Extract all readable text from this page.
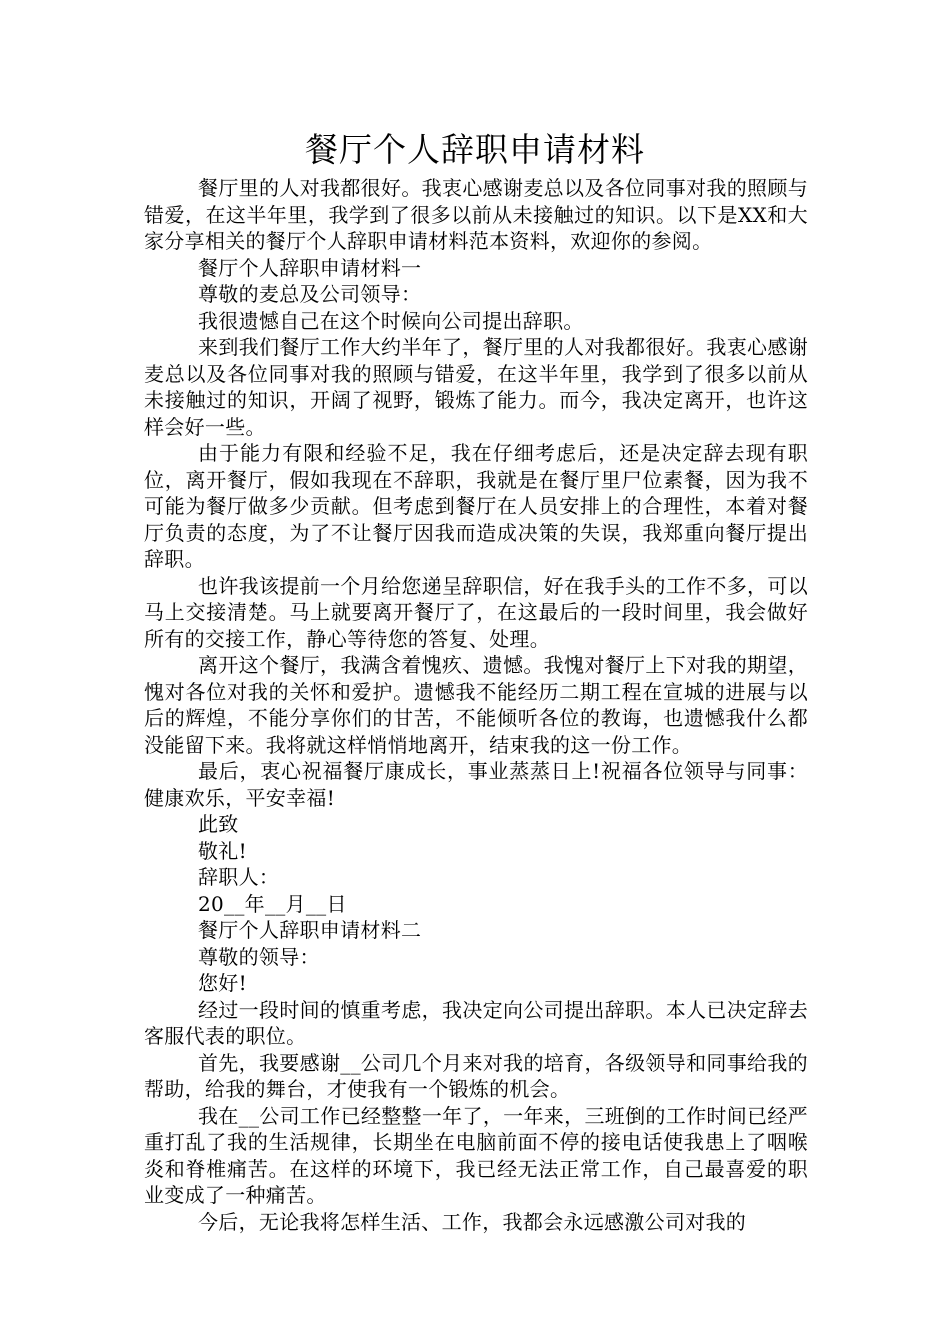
餐厅个人辞职申请材料

餐厅里的人对我都很好。我衷心感谢麦总以及各位同事对我的照顾与错爱，在这半年里，我学到了很多以前从未接触过的知识。以下是XX和大家分享相关的餐厅个人辞职申请材料范本资料，欢迎你的参阅。

餐厅个人辞职申请材料一

尊敬的麦总及公司领导：

我很遗憾自己在这个时候向公司提出辞职。

来到我们餐厅工作大约半年了，餐厅里的人对我都很好。我衷心感谢麦总以及各位同事对我的照顾与错爱，在这半年里，我学到了很多以前从未接触过的知识，开阔了视野，锻炼了能力。而今，我决定离开，也许这样会好一些。

由于能力有限和经验不足，我在仔细考虑后，还是决定辞去现有职位，离开餐厅，假如我现在不辞职，我就是在餐厅里尸位素餐，因为我不可能为餐厅做多少贡献。但考虑到餐厅在人员安排上的合理性，本着对餐厅负责的态度，为了不让餐厅因我而造成决策的失误，我郑重向餐厅提出辞职。

也许我该提前一个月给您递呈辞职信，好在我手头的工作不多，可以马上交接清楚。马上就要离开餐厅了，在这最后的一段时间里，我会做好所有的交接工作，静心等待您的答复、处理。

离开这个餐厅，我满含着愧疚、遗憾。我愧对餐厅上下对我的期望，愧对各位对我的关怀和爱护。遗憾我不能经历二期工程在宣城的进展与以后的辉煌，不能分享你们的甘苦，不能倾听各位的教诲，也遗憾我什么都没能留下来。我将就这样悄悄地离开，结束我的这一份工作。

最后，衷心祝福餐厅康成长，事业蒸蒸日上!祝福各位领导与同事：健康欢乐，平安幸福!

此致

敬礼!

辞职人：

20__年__月__日

餐厅个人辞职申请材料二

尊敬的领导：

您好!

经过一段时间的慎重考虑，我决定向公司提出辞职。本人已决定辞去客服代表的职位。

首先，我要感谢__公司几个月来对我的培育，各级领导和同事给我的帮助，给我的舞台，才使我有一个锻炼的机会。

我在__公司工作已经整整一年了，一年来，三班倒的工作时间已经严重打乱了我的生活规律，长期坐在电脑前面不停的接电话使我患上了咽喉炎和脊椎痛苦。在这样的环境下，我已经无法正常工作，自己最喜爱的职业变成了一种痛苦。

今后，无论我将怎样生活、工作，我都会永远感激公司对我的
